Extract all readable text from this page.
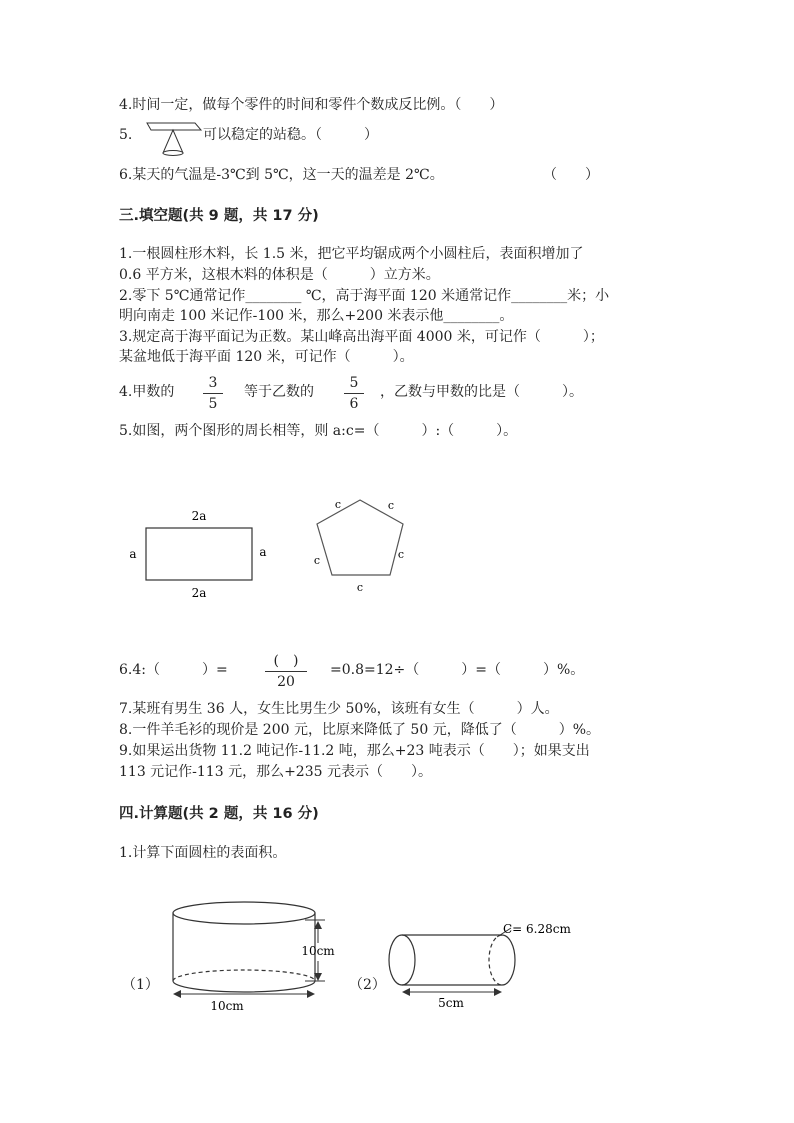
4.时间一定，做每个零件的时间和零件个数成反比例。（　　）
5.	可以稳定的站稳。（　　　）
6.某天的气温是-3℃到 5℃，这一天的温差是 2℃。	（　　）
三.填空题(共 9 题，共 17 分)
1.一根圆柱形木料，长 1.5 米，把它平均锯成两个小圆柱后，表面积增加了
0.6 平方米，这根木料的体积是（　　　）立方米。
2.零下 5℃通常记作________ ℃，高于海平面 120 米通常记作________米；小
明向南走 100 米记作-100 米，那么+200 米表示他________。
3.规定高于海平面记为正数。某山峰高出海平面 4000 米，可记作（　　　）；
某盆地低于海平面 120 米，可记作（　　　）。
4.甲数的
3
5
等于乙数的
5
6
，乙数与甲数的比是（　　　）。
5.如图，两个图形的周长相等，则 a:c=（　　　）:（　　　）。
2a
2a
a	a
c	c
c	c
c
6.4:（　　　）=
(　)
20
=0.8=12÷（　　　）=（　　　）%。
7.某班有男生 36 人，女生比男生少 50%，该班有女生（　　　）人。
8.一件羊毛衫的现价是 200 元，比原来降低了 50 元，降低了（　　　）%。
9.如果运出货物 11.2 吨记作-11.2 吨，那么+23 吨表示（　　）；如果支出
113 元记作-113 元，那么+235 元表示（　　）。
四.计算题(共 2 题，共 16 分)
1.计算下面圆柱的表面积。
（1）
10cm
10cm
（2）
C= 6.28cm
5cm
